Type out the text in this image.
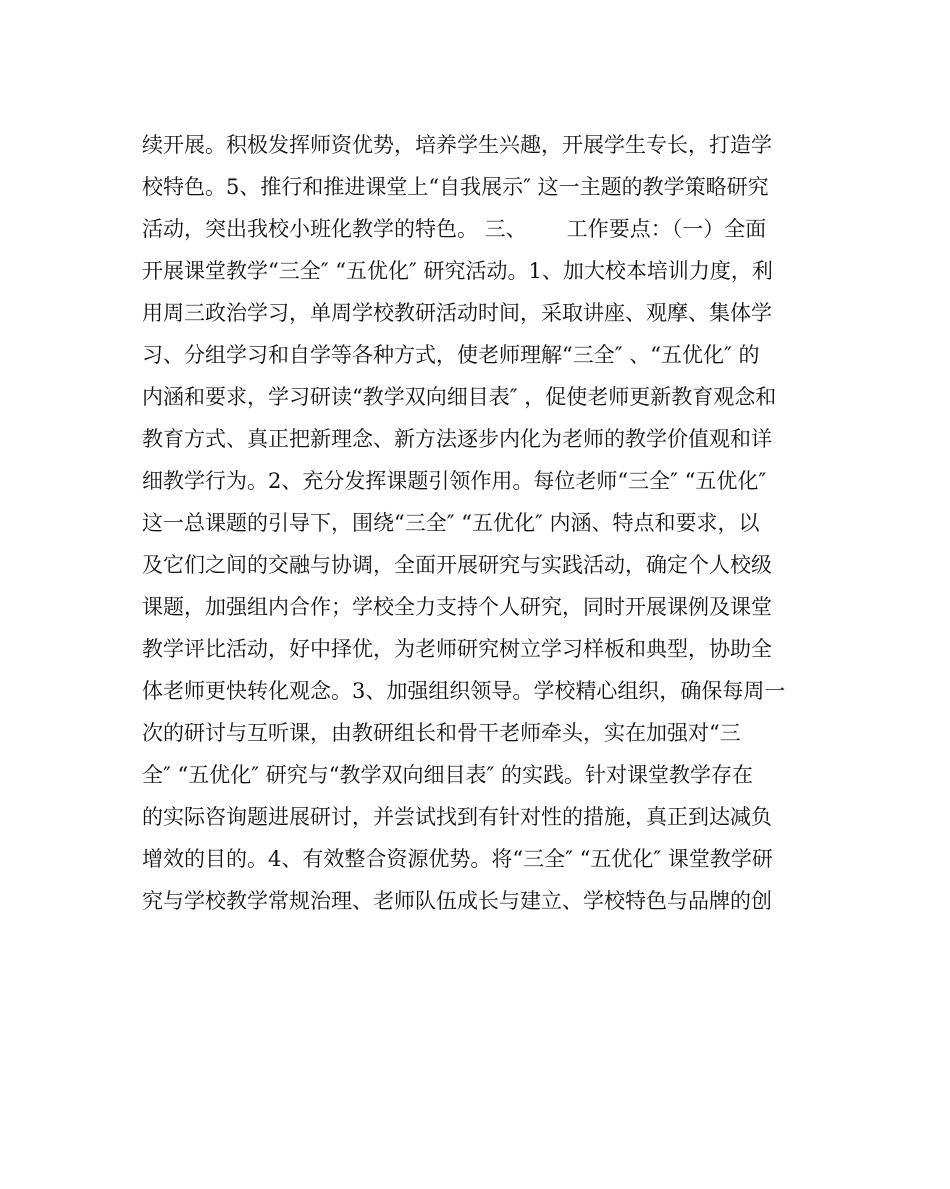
续开展。积极发挥师资优势，培养学生兴趣，开展学生专长，打造学
校特色。5、推行和推进课堂上“自我展示″ 这一主题的教学策略研究
活动，突出我校小班化教学的特色。 三、      工作要点：（一）全面
开展课堂教学“三全″ “五优化″ 研究活动。1、加大校本培训力度，利
用周三政治学习，单周学校教研活动时间，采取讲座、观摩、集体学
习、分组学习和自学等各种方式，使老师理解“三全″ 、“五优化″ 的
内涵和要求，学习研读“教学双向细目表″ ，促使老师更新教育观念和
教育方式、真正把新理念、新方法逐步内化为老师的教学价值观和详
细教学行为。2、充分发挥课题引领作用。每位老师“三全″ “五优化″
这一总课题的引导下，围绕“三全″ “五优化″ 内涵、特点和要求，以
及它们之间的交融与协调，全面开展研究与实践活动，确定个人校级
课题，加强组内合作；学校全力支持个人研究，同时开展课例及课堂
教学评比活动，好中择优，为老师研究树立学习样板和典型，协助全
体老师更快转化观念。3、加强组织领导。学校精心组织，确保每周一
次的研讨与互听课，由教研组长和骨干老师牵头，实在加强对“三
全″ “五优化″ 研究与“教学双向细目表″ 的实践。针对课堂教学存在
的实际咨询题进展研讨，并尝试找到有针对性的措施，真正到达减负
增效的目的。4、有效整合资源优势。将“三全″ “五优化″ 课堂教学研
究与学校教学常规治理、老师队伍成长与建立、学校特色与品牌的创
